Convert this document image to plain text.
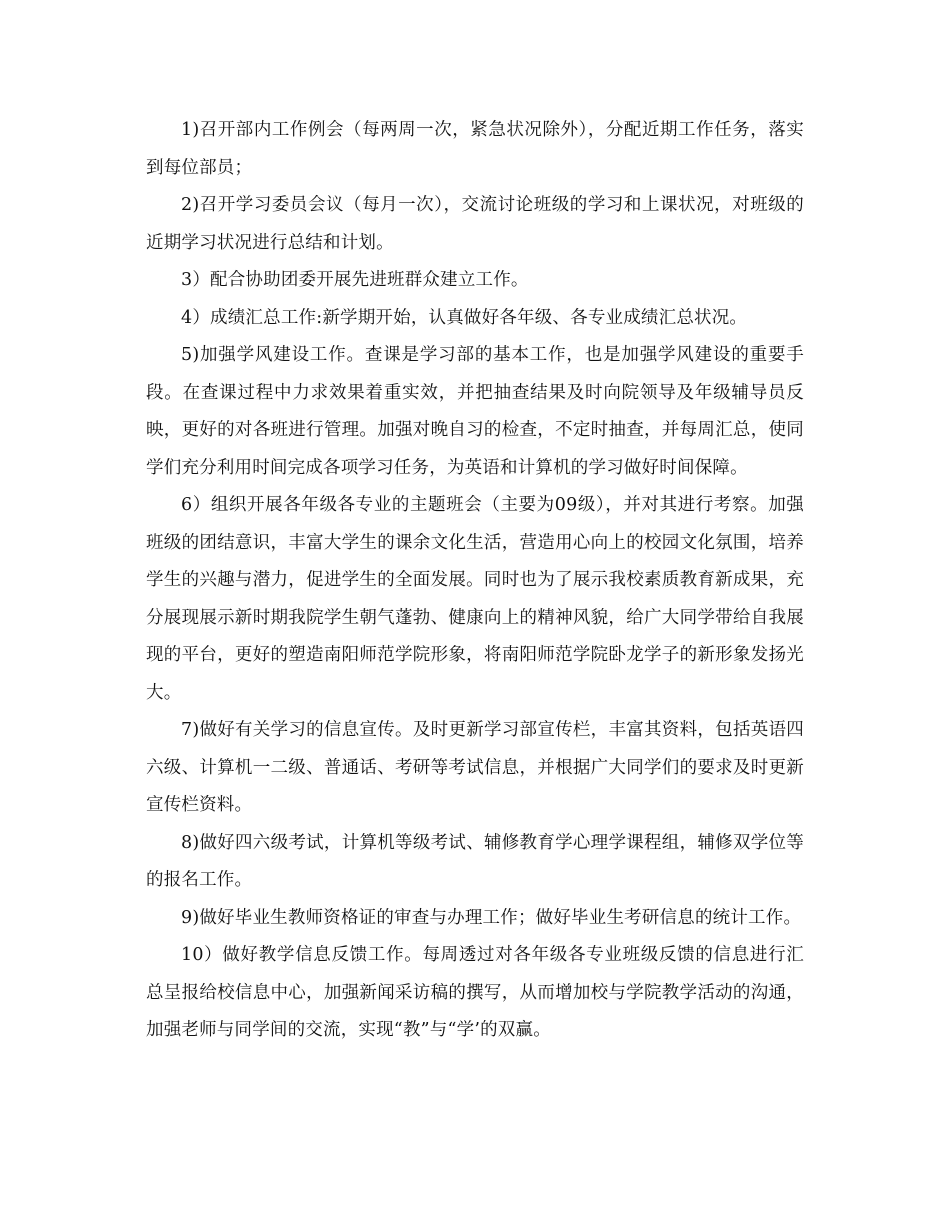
1)召开部内工作例会（每两周一次，紧急状况除外），分配近期工作任务，落实到每位部员；

2)召开学习委员会议（每月一次），交流讨论班级的学习和上课状况，对班级的近期学习状况进行总结和计划。

3）配合协助团委开展先进班群众建立工作。

4）成绩汇总工作:新学期开始，认真做好各年级、各专业成绩汇总状况。

5)加强学风建设工作。查课是学习部的基本工作，也是加强学风建设的重要手段。在查课过程中力求效果着重实效，并把抽查结果及时向院领导及年级辅导员反映，更好的对各班进行管理。加强对晚自习的检查，不定时抽查，并每周汇总，使同学们充分利用时间完成各项学习任务，为英语和计算机的学习做好时间保障。

6）组织开展各年级各专业的主题班会（主要为09级），并对其进行考察。加强班级的团结意识，丰富大学生的课余文化生活，营造用心向上的校园文化氛围，培养学生的兴趣与潜力，促进学生的全面发展。同时也为了展示我校素质教育新成果，充分展现展示新时期我院学生朝气蓬勃、健康向上的精神风貌，给广大同学带给自我展现的平台，更好的塑造南阳师范学院形象，将南阳师范学院卧龙学子的新形象发扬光大。

7)做好有关学习的信息宣传。及时更新学习部宣传栏，丰富其资料，包括英语四六级、计算机一二级、普通话、考研等考试信息，并根据广大同学们的要求及时更新宣传栏资料。

8)做好四六级考试，计算机等级考试、辅修教育学心理学课程组，辅修双学位等的报名工作。

9)做好毕业生教师资格证的审查与办理工作；做好毕业生考研信息的统计工作。

10）做好教学信息反馈工作。每周透过对各年级各专业班级反馈的信息进行汇总呈报给校信息中心，加强新闻采访稿的撰写，从而增加校与学院教学活动的沟通，加强老师与同学间的交流，实现“教”与“学’的双赢。
